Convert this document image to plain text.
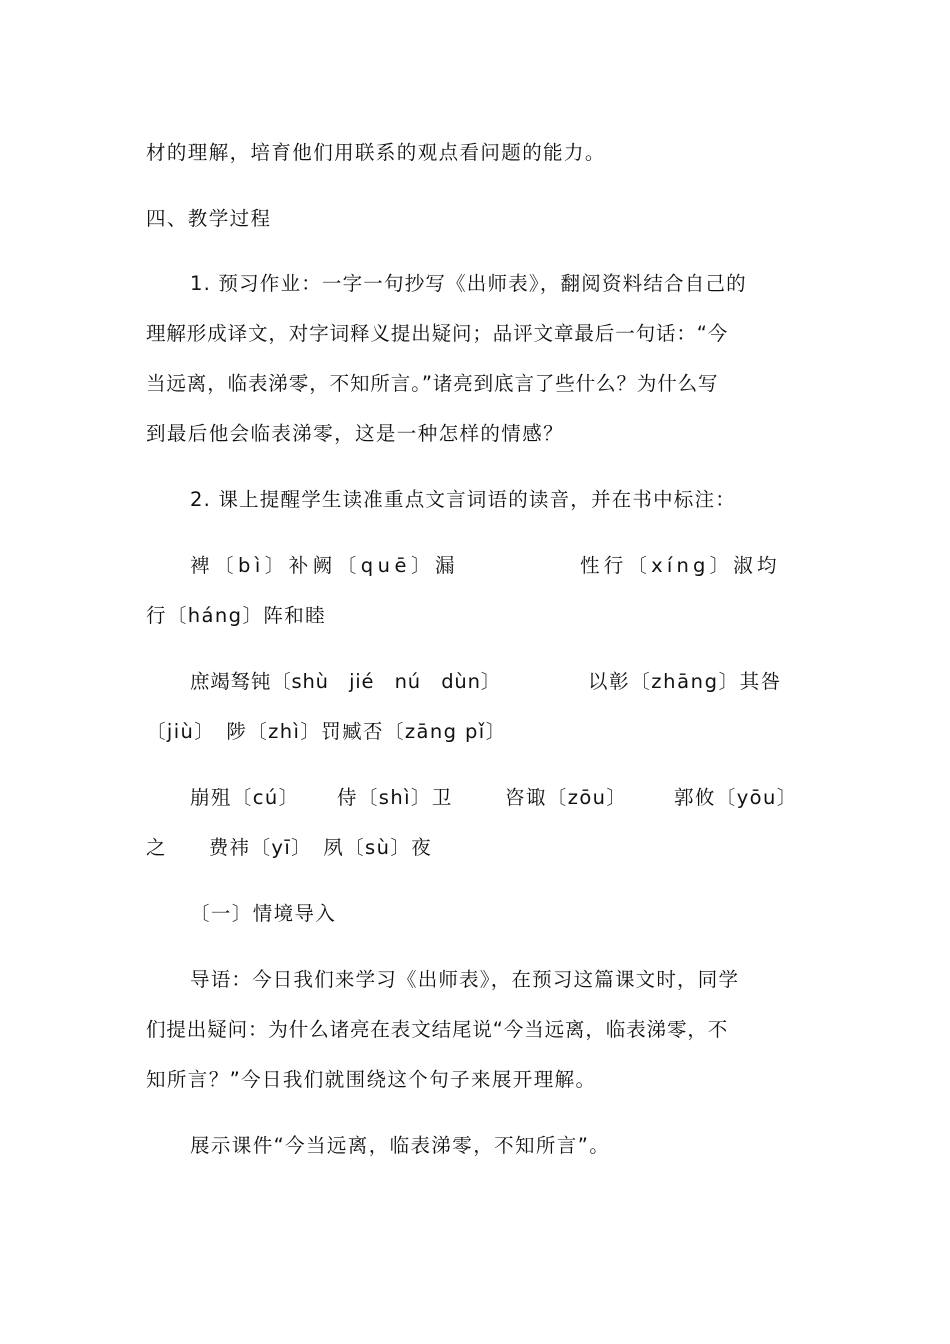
材的理解，培育他们用联系的观点看问题的能力。
四、教学过程
1. 预习作业：一字一句抄写《出师表》，翻阅资料结合自己的
理解形成译文，对字词释义提出疑问；品评文章最后一句话：“今
当远离，临表涕零，不知所言。”诸亮到底言了些什么？为什么写
到最后他会临表涕零，这是一种怎样的情感？
2. 课上提醒学生读准重点文言词语的读音，并在书中标注：
裨〔bì〕补阙〔quē〕漏	性行〔xíng〕淑均
行〔háng〕阵和睦
庶竭驽钝〔shù　jié　nú　dùn〕	以彰〔zhāng〕其咎
〔jiù〕　陟〔zhì〕罚臧否〔zāng pǐ〕
崩殂〔cú〕 侍〔shì〕卫	咨诹〔zōu〕 郭攸〔yōu〕
之　　费祎〔yī〕　夙〔sù〕夜
〔一〕情境导入
导语：今日我们来学习《出师表》，在预习这篇课文时，同学
们提出疑问：为什么诸亮在表文结尾说“今当远离，临表涕零，不
知所言？”今日我们就围绕这个句子来展开理解。
展示课件“今当远离，临表涕零，不知所言”。
